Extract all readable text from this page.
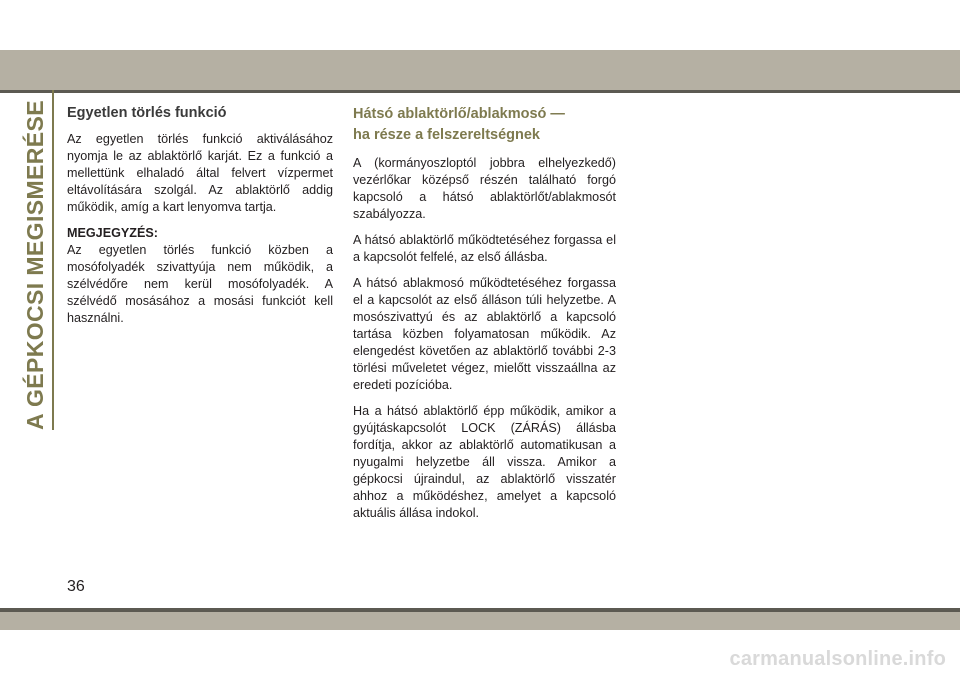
A GÉPKOCSI MEGISMERÉSE	Egyetlen törlés funkció

Az egyetlen törlés funkció aktiválásához nyomja le az ablaktörlő karját. Ez a funkció a mellettünk elhaladó által felvert vízpermet eltávolítására szolgál. Az ablaktörlő addig működik, amíg a kart lenyomva tartja.

MEGJEGYZÉS:

Az egyetlen törlés funkció közben a mosófolyadék szivattyúja nem működik, a szélvédőre nem kerül mosófolyadék. A szélvédő mosásához a mosási funkciót kell használni.

Hátsó ablaktörlő/ablakmosó —
ha része a felszereltségnek

A (kormányoszloptól jobbra elhelyezkedő) vezérlőkar középső részén található forgó kapcsoló a hátsó ablaktörlőt/ablakmosót szabályozza.

A hátsó ablaktörlő működtetéséhez forgassa el a kapcsolót felfelé, az első állásba.

A hátsó ablakmosó működtetéséhez forgassa el a kapcsolót az első álláson túli helyzetbe. A mosószivattyú és az ablaktörlő a kapcsoló tartása közben folyamatosan működik. Az elengedést követően az ablaktörlő további 2-3 törlési műveletet végez, mielőtt visszaállna az eredeti pozícióba.

Ha a hátsó ablaktörlő épp működik, amikor a gyújtáskapcsolót LOCK (ZÁRÁS) állásba fordítja, akkor az ablaktörlő automatikusan a nyugalmi helyzetbe áll vissza. Amikor a gépkocsi újraindul, az ablaktörlő visszatér ahhoz a működéshez, amelyet a kapcsoló aktuális állása indokol.

36
carmanualsonline.info
